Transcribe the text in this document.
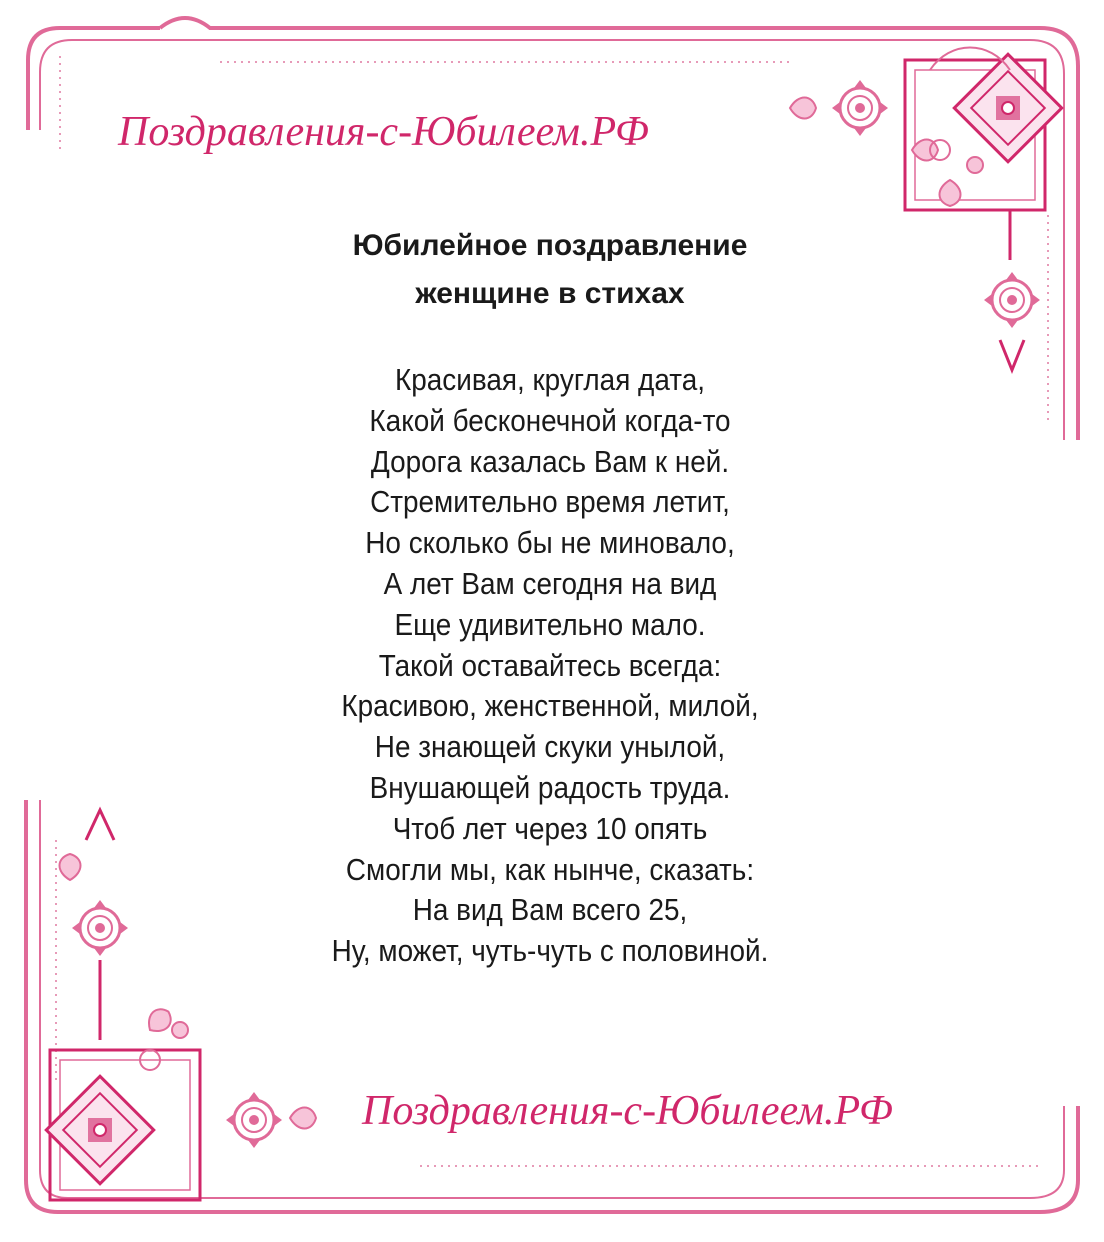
Поздравления-с-Юбилеем.РФ
Юбилейное поздравление
женщине в стихах
Красивая, круглая дата,
Какой бесконечной когда-то
Дорога казалась Вам к ней.
Стремительно время летит,
Но сколько бы не миновало,
А лет Вам сегодня на вид
Еще удивительно мало.
Такой оставайтесь всегда:
Красивою, женственной, милой,
Не знающей скуки унылой,
Внушающей радость труда.
Чтоб лет через 10 опять
Смогли мы, как нынче, сказать:
На вид Вам всего 25,
Ну, может, чуть-чуть с половиной.
Поздравления-с-Юбилеем.РФ
